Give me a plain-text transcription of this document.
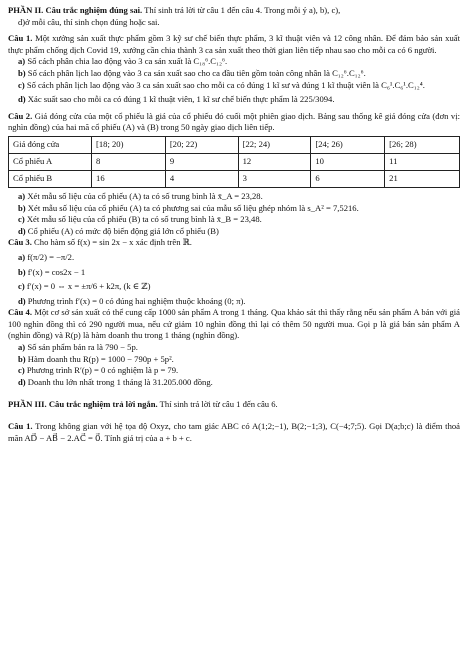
PHẦN II. Câu trắc nghiệm đúng sai. Thí sinh trả lời từ câu 1 đến câu 4. Trong mỗi ý a), b), c),
d)ở mỗi câu, thí sinh chọn đúng hoặc sai.

Câu 1. Một xưởng sản xuất thực phẩm gồm 3 kỹ sư chế biến thực phẩm, 3 kĩ thuật viên và 12 công nhân. Để đảm bảo sản xuất thực phẩm chống dịch Covid 19, xưởng cần chia thành 3 ca sản xuất theo thời gian liên tiếp nhau sao cho mỗi ca có 6 người.

a) Số cách phân chia lao động vào 3 ca sản xuất là C₁₈⁶.C₁₂⁶.

b) Số cách phân lịch lao động vào 3 ca sản xuất sao cho ca đầu tiên gồm toàn công nhân là C₁₂⁶.C₁₂⁶.

c) Số cách phân lịch lao động vào 3 ca sản xuất sao cho mỗi ca có đúng 1 kĩ sư và đúng 1 kĩ thuật viên là C₆¹.C₆¹.C₁₂⁴.

d) Xác suất sao cho mỗi ca có đúng 1 kĩ thuật viên, 1 kĩ sư chế biến thực phẩm là 225/3094.

Câu 2. Giá đóng cửa của một cổ phiếu là giá của cổ phiếu đó cuối một phiên giao dịch. Bảng sau thống kê giá đóng cửa (đơn vị: nghìn đồng) của hai mã cổ phiếu (A) và (B) trong 50 ngày giao dịch liên tiếp.

Giá đóng cửa	[18; 20)	[20; 22)	[22; 24)	[24; 26)	[26; 28)
Cổ phiếu A	8	9	12	10	11
Cổ phiếu B	16	4	3	6	21

a) Xét mẫu số liệu của cổ phiếu (A) ta có số trung bình là x̄_A = 23,28.

b) Xét mẫu số liệu của cổ phiếu (A) ta có phương sai của mẫu số liệu ghép nhóm là s_A² = 7,5216.

c) Xét mẫu số liệu của cổ phiếu (B) ta có số trung bình là x̄_B = 23,48.

d) Cổ phiếu (A) có mức độ biến động giá lớn cổ phiếu (B)

Câu 3. Cho hàm số f(x) = sin 2x − x xác định trên ℝ.

a) f(π/2) = −π/2.

b) f′(x) = cos2x − 1

c) f′(x) = 0 ⇔ x = ±π/6 + k2π, (k ∈ ℤ)

d) Phương trình f′(x) = 0 có đúng hai nghiệm thuộc khoảng (0; π).

Câu 4. Một cơ sở sản xuất có thể cung cấp 1000 sản phẩm A trong 1 tháng. Qua khảo sát thì thấy rằng nếu sản phẩm A bán với giá 100 nghìn đồng thì có 290 người mua, nếu cứ giảm 10 nghìn đồng thì lại có thêm 50 người mua. Gọi p là giá bán sản phẩm A (nghìn đồng) và R(p) là hàm doanh thu trong 1 tháng (nghìn đồng).

a) Số sản phẩm bán ra là 790 − 5p.

b) Hàm doanh thu R(p) = 1000 − 790p + 5p².

c) Phương trình R′(p) = 0 có nghiệm là p = 79.

d) Doanh thu lớn nhất trong 1 tháng là 31.205.000 đồng.

PHẦN III. Câu trắc nghiệm trả lời ngắn. Thí sinh trả lời từ câu 1 đến câu 6.

Câu 1. Trong không gian với hệ tọa độ Oxyz, cho tam giác ABC có A(1;2;−1), B(2;−1;3), C(−4;7;5). Gọi D(a;b;c) là điểm thoả mãn AD⃗ − AB⃗ − 2.AC⃗ = 0⃗. Tính giá trị của a + b + c.
